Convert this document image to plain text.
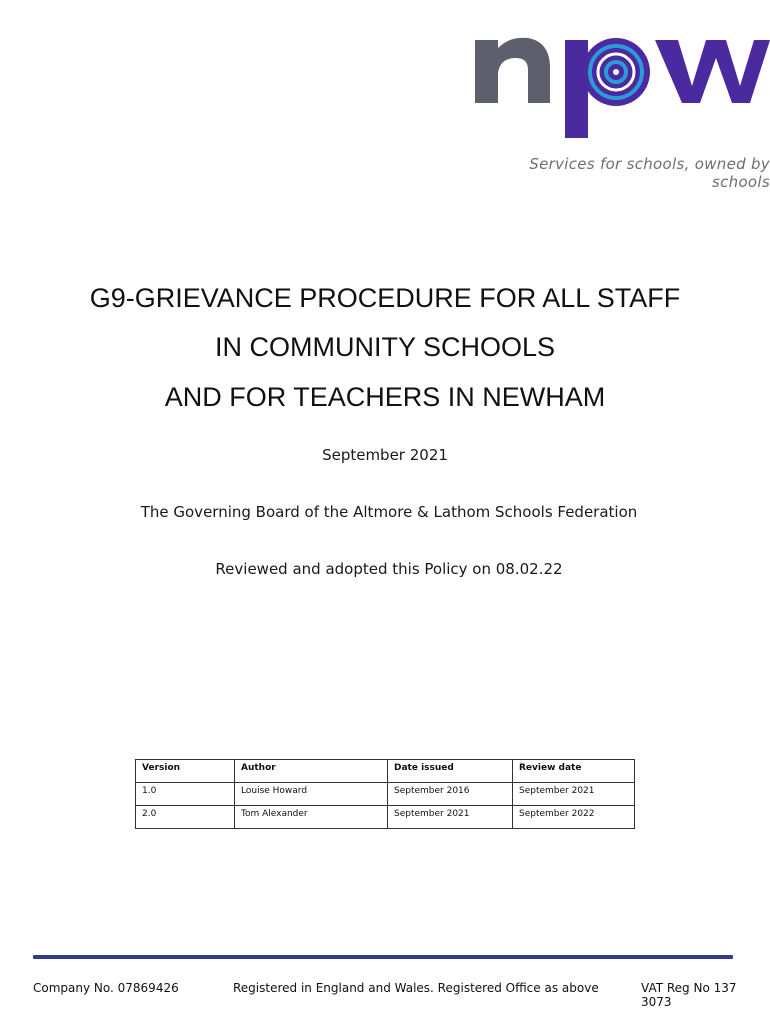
Services for schools, owned by schools
G9-GRIEVANCE PROCEDURE FOR ALL STAFF
IN COMMUNITY SCHOOLS
AND FOR TEACHERS IN NEWHAM
September 2021
The Governing Board of the Altmore & Lathom Schools Federation
Reviewed and adopted this Policy on 08.02.22
Version	Author	Date issued	Review date
1.0	Louise Howard	September 2016	September 2021
2.0	Tom Alexander	September 2021	September 2022
Company No. 07869426	Registered in England and Wales. Registered Office as above	VAT Reg No 137 3073
